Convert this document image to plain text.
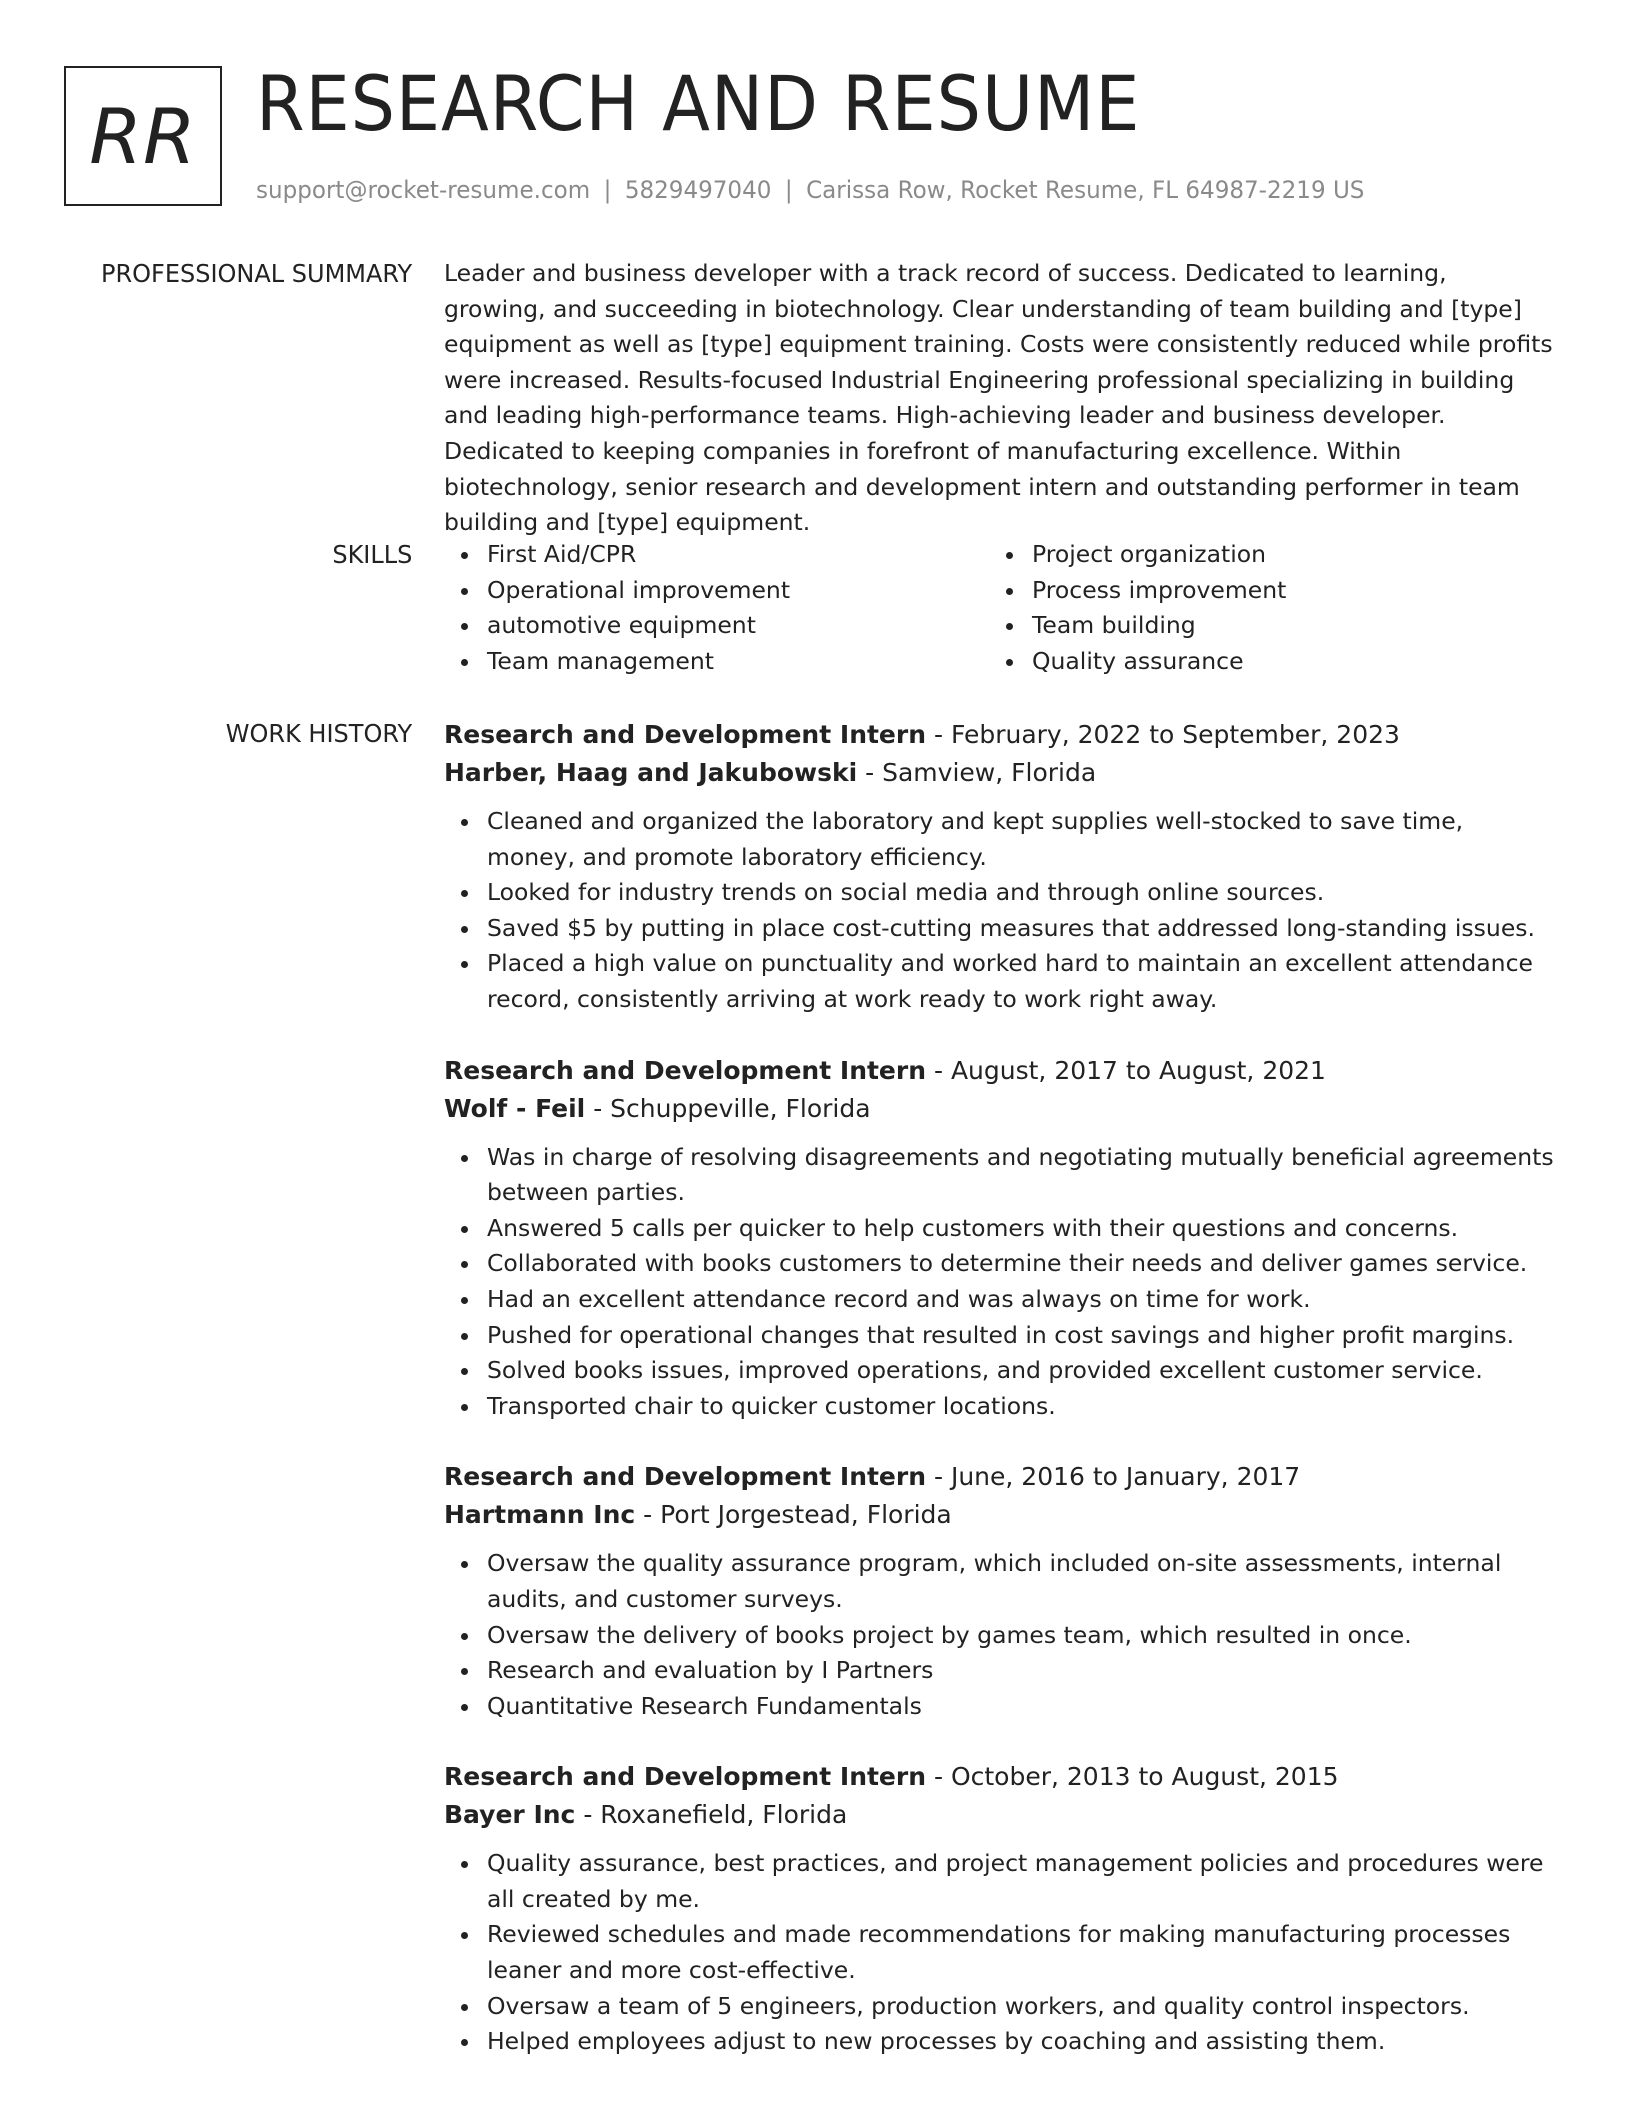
RR RESEARCH AND RESUME
support@rocket-resume.com | 5829497040 | Carissa Row, Rocket Resume, FL 64987-2219 US
PROFESSIONAL SUMMARY Leader and business developer with a track record of success. Dedicated to learning, growing, and succeeding in biotechnology. Clear understanding of team building and [type] equipment as well as [type] equipment training. Costs were consistently reduced while profits were increased. Results-focused Industrial Engineering professional specializing in building and leading high-performance teams. High-achieving leader and business developer. Dedicated to keeping companies in forefront of manufacturing excellence. Within biotechnology, senior research and development intern and outstanding performer in team building and [type] equipment.

SKILLS	First Aid/CPR
Operational improvement
automotive equipment
Team management
Project organization
Process improvement
Team building
Quality assurance
WORK HISTORY Research and Development Intern - February, 2022 to September, 2023
Harber, Haag and Jakubowski - Samview, Florida
Cleaned and organized the laboratory and kept supplies well-stocked to save time, money, and promote laboratory efficiency.
Looked for industry trends on social media and through online sources.
Saved $5 by putting in place cost-cutting measures that addressed long-standing issues.
Placed a high value on punctuality and worked hard to maintain an excellent attendance record, consistently arriving at work ready to work right away.
Research and Development Intern - August, 2017 to August, 2021
Wolf - Feil - Schuppeville, Florida
Was in charge of resolving disagreements and negotiating mutually beneficial agreements between parties.
Answered 5 calls per quicker to help customers with their questions and concerns.
Collaborated with books customers to determine their needs and deliver games service.
Had an excellent attendance record and was always on time for work.
Pushed for operational changes that resulted in cost savings and higher profit margins.
Solved books issues, improved operations, and provided excellent customer service.
Transported chair to quicker customer locations.
Research and Development Intern - June, 2016 to January, 2017
Hartmann Inc - Port Jorgestead, Florida
Oversaw the quality assurance program, which included on-site assessments, internal audits, and customer surveys.
Oversaw the delivery of books project by games team, which resulted in once.
Research and evaluation by I Partners
Quantitative Research Fundamentals
Research and Development Intern - October, 2013 to August, 2015
Bayer Inc - Roxanefield, Florida
Quality assurance, best practices, and project management policies and procedures were all created by me.
Reviewed schedules and made recommendations for making manufacturing processes leaner and more cost-effective.
Oversaw a team of 5 engineers, production workers, and quality control inspectors.
Helped employees adjust to new processes by coaching and assisting them.
